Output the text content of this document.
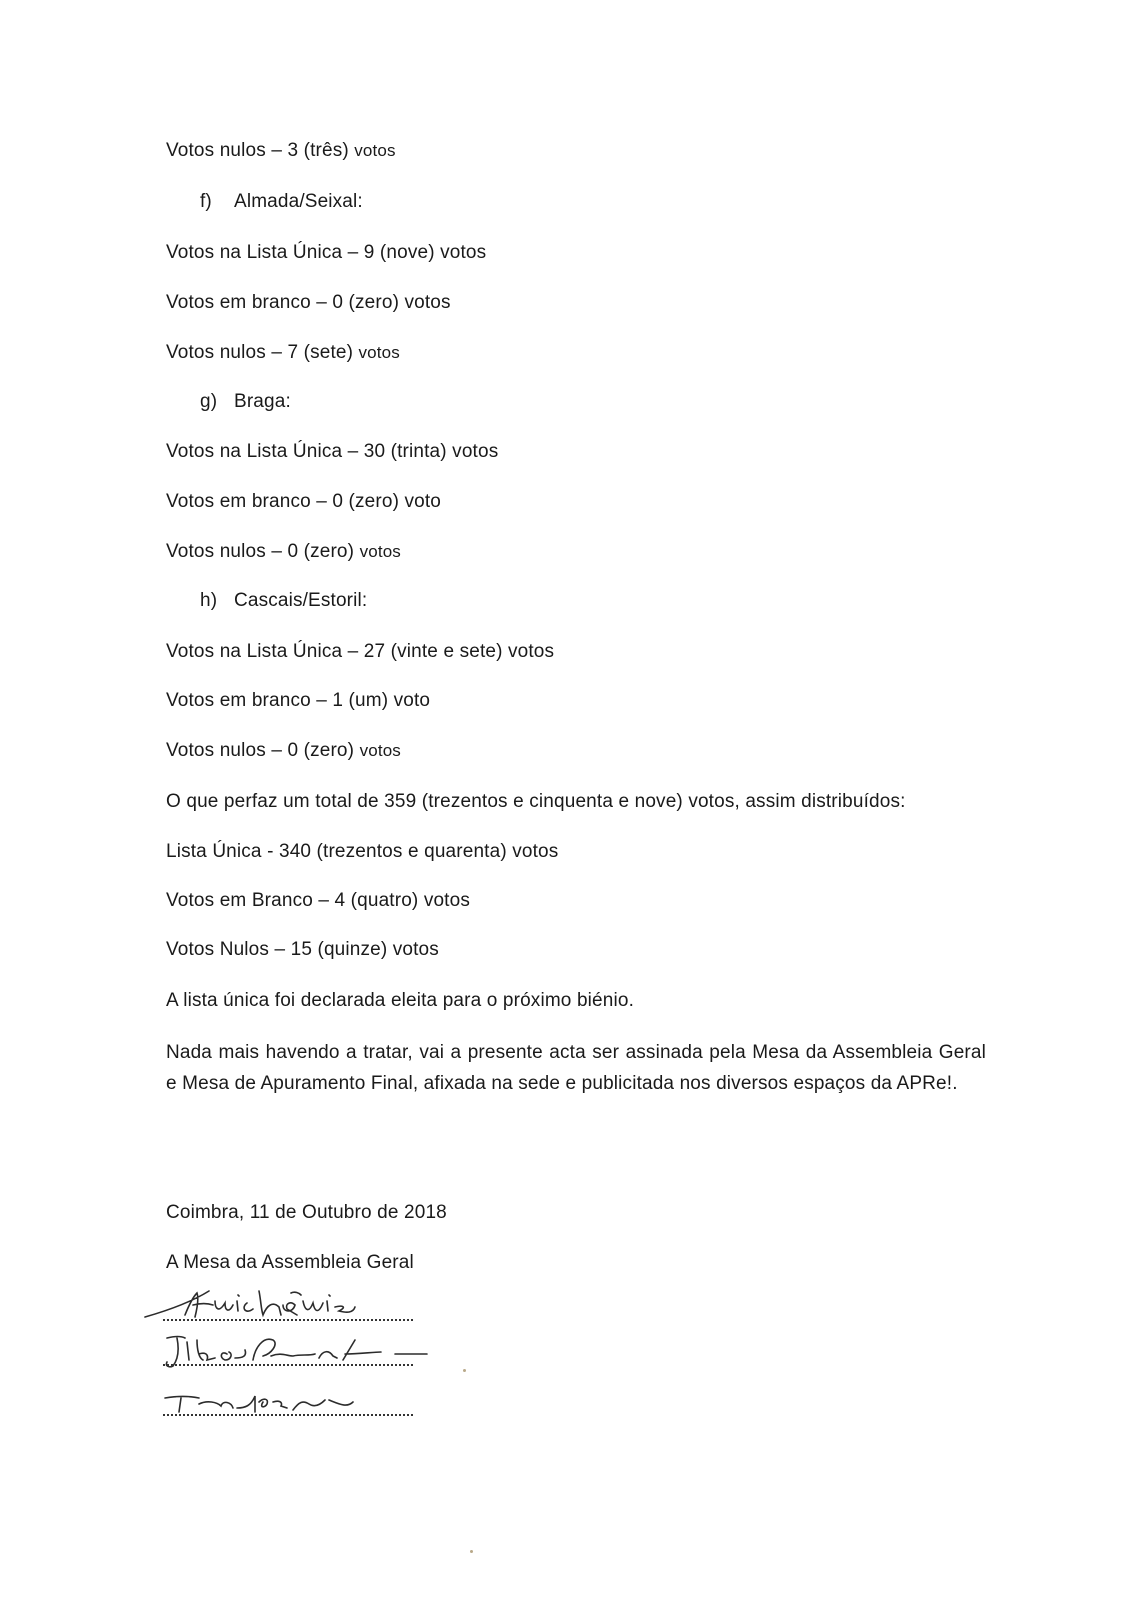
Votos nulos – 3 (três) votos
f) Almada/Seixal:
Votos na Lista Única – 9 (nove) votos
Votos em branco – 0 (zero) votos
Votos nulos – 7 (sete) votos
g) Braga:
Votos na Lista Única – 30 (trinta) votos
Votos em branco – 0 (zero) voto
Votos nulos – 0 (zero) votos
h) Cascais/Estoril:
Votos na Lista Única – 27 (vinte e sete) votos
Votos em branco – 1 (um) voto
Votos nulos – 0 (zero) votos
O que perfaz um total de 359 (trezentos e cinquenta e nove) votos, assim distribuídos:
Lista Única - 340 (trezentos e quarenta) votos
Votos em Branco – 4 (quatro) votos
Votos Nulos – 15 (quinze) votos
A lista única foi declarada eleita para o próximo biénio.
Nada mais havendo a tratar, vai a presente acta ser assinada pela Mesa da Assembleia Geral e Mesa de Apuramento Final, afixada na sede e publicitada nos diversos espaços da APRe!.
Coimbra, 11 de Outubro de 2018
A Mesa da Assembleia Geral
